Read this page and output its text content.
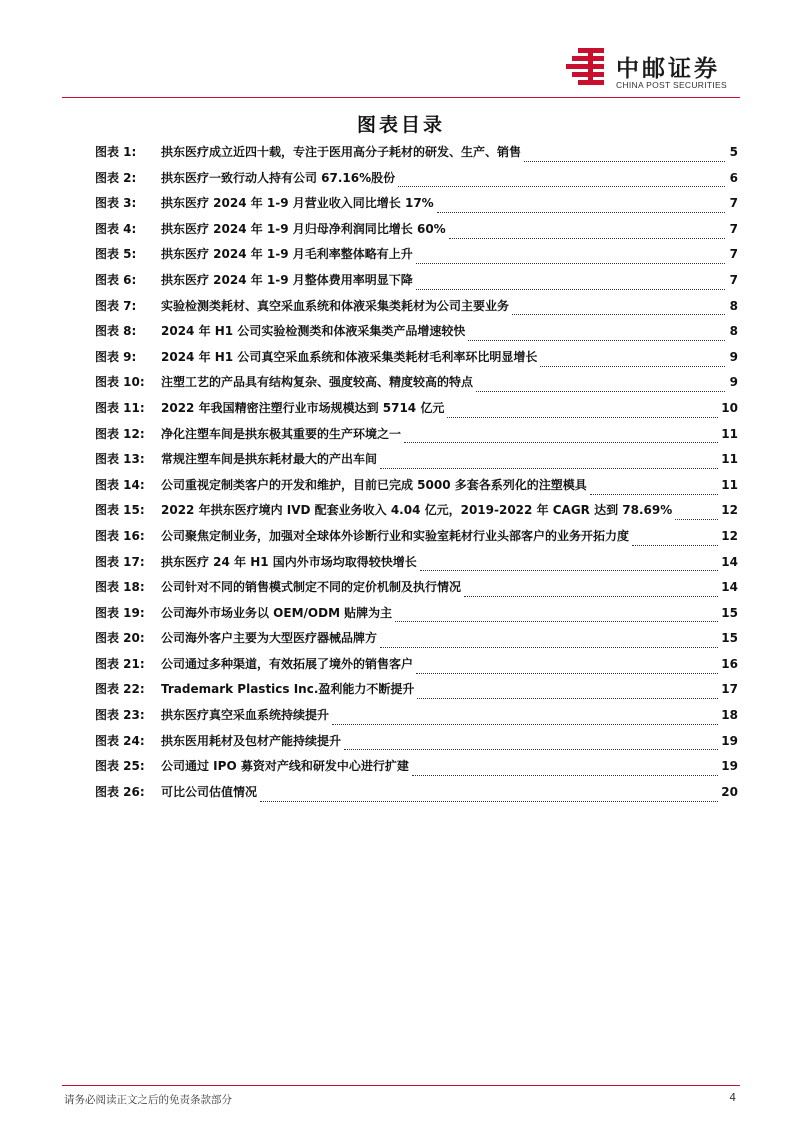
中邮证券
CHINA POST SECURITIES
图表目录
图表 1:	拱东医疗成立近四十载，专注于医用高分子耗材的研发、生产、销售	5
图表 2:	拱东医疗一致行动人持有公司 67.16%股份	6
图表 3:	拱东医疗 2024 年 1-9 月营业收入同比增长 17%	7
图表 4:	拱东医疗 2024 年 1-9 月归母净利润同比增长 60%	7
图表 5:	拱东医疗 2024 年 1-9 月毛利率整体略有上升	7
图表 6:	拱东医疗 2024 年 1-9 月整体费用率明显下降	7
图表 7:	实验检测类耗材、真空采血系统和体液采集类耗材为公司主要业务	8
图表 8:	2024 年 H1 公司实验检测类和体液采集类产品增速较快	8
图表 9:	2024 年 H1 公司真空采血系统和体液采集类耗材毛利率环比明显增长	9
图表 10:	注塑工艺的产品具有结构复杂、强度较高、精度较高的特点	9
图表 11:	2022 年我国精密注塑行业市场规模达到 5714 亿元	10
图表 12:	净化注塑车间是拱东极其重要的生产环境之一	11
图表 13:	常规注塑车间是拱东耗材最大的产出车间	11
图表 14:	公司重视定制类客户的开发和维护，目前已完成 5000 多套各系列化的注塑模具	11
图表 15:	2022 年拱东医疗境内 IVD 配套业务收入 4.04 亿元，2019-2022 年 CAGR 达到 78.69%	12
图表 16:	公司聚焦定制业务，加强对全球体外诊断行业和实验室耗材行业头部客户的业务开拓力度	12
图表 17:	拱东医疗 24 年 H1 国内外市场均取得较快增长	14
图表 18:	公司针对不同的销售模式制定不同的定价机制及执行情况	14
图表 19:	公司海外市场业务以 OEM/ODM 贴牌为主	15
图表 20:	公司海外客户主要为大型医疗器械品牌方	15
图表 21:	公司通过多种渠道，有效拓展了境外的销售客户	16
图表 22:	Trademark Plastics Inc.盈利能力不断提升	17
图表 23:	拱东医疗真空采血系统持续提升	18
图表 24:	拱东医用耗材及包材产能持续提升	19
图表 25:	公司通过 IPO 募资对产线和研发中心进行扩建	19
图表 26:	可比公司估值情况	20
请务必阅读正文之后的免责条款部分	4
